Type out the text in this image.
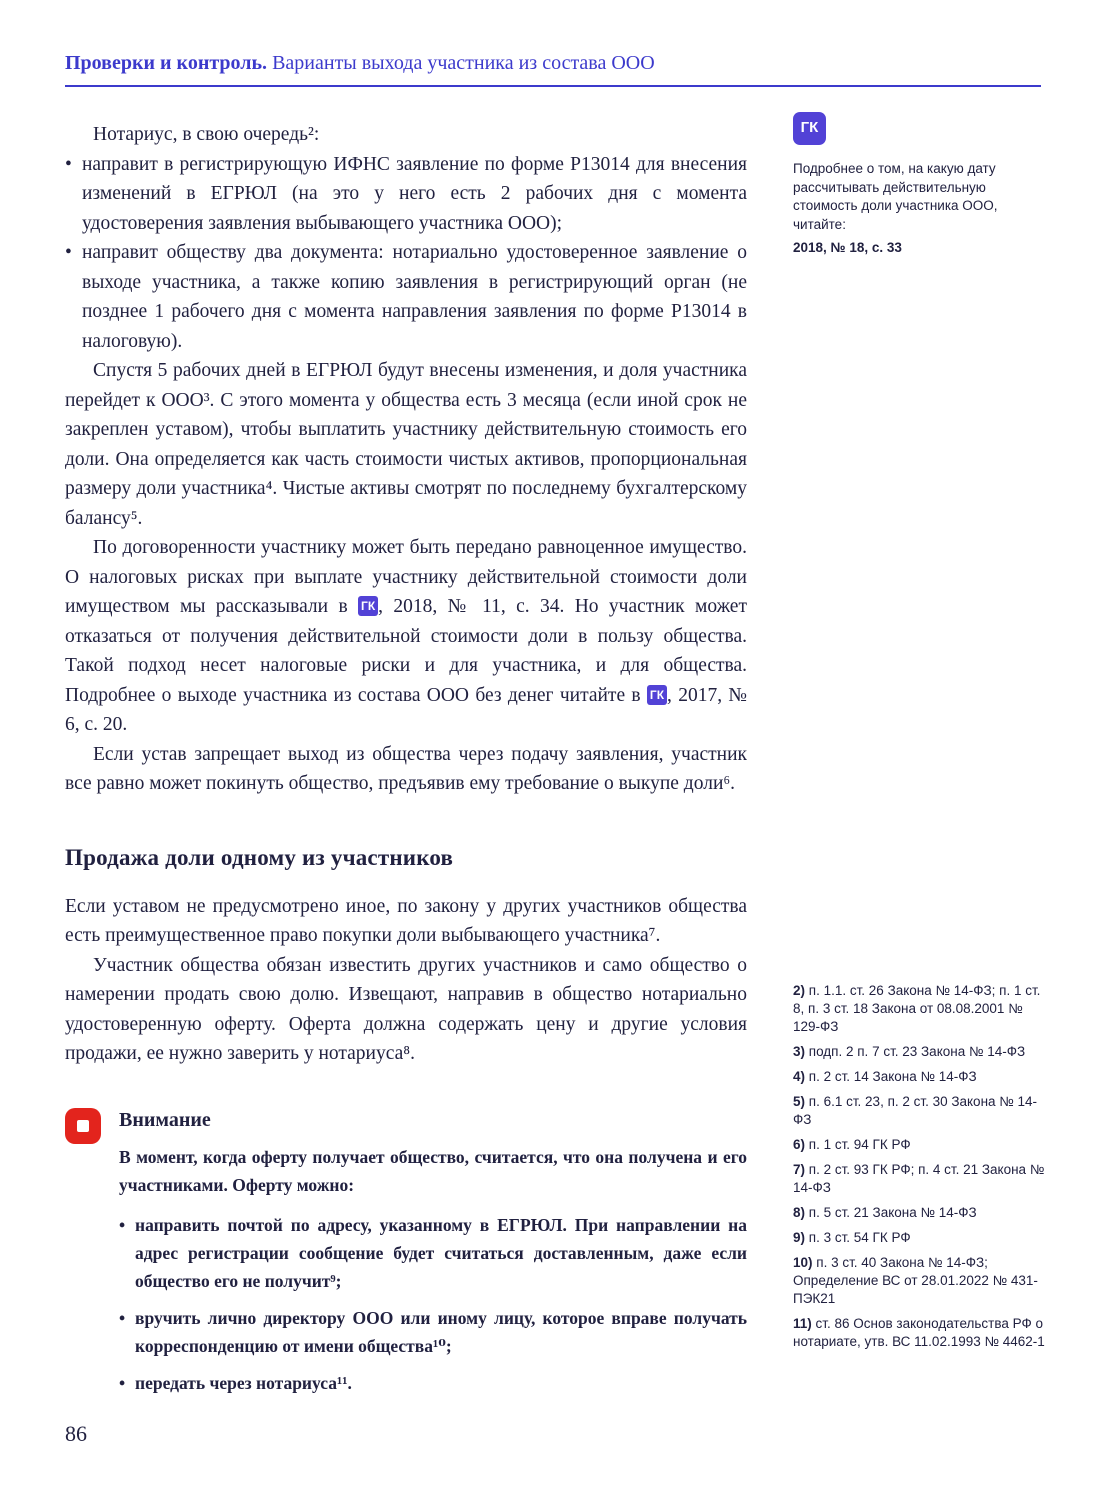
Проверки и контроль. Варианты выхода участника из состава ООО

Нотариус, в свою очередь²:

• направит в регистрирующую ИФНС заявление по форме Р13014 для внесения изменений в ЕГРЮЛ (на это у него есть 2 рабочих дня с момента удостоверения заявления выбывающего участника ООО);
• направит обществу два документа: нотариально удостоверенное заявление о выходе участника, а также копию заявления в регистрирующий орган (не позднее 1 рабочего дня с момента направления заявления по форме Р13014 в налоговую).

Спустя 5 рабочих дней в ЕГРЮЛ будут внесены изменения, и доля участника перейдет к ООО³. С этого момента у общества есть 3 месяца (если иной срок не закреплен уставом), чтобы выплатить участнику действительную стоимость его доли. Она определяется как часть стоимости чистых активов, пропорциональная размеру доли участника⁴. Чистые активы смотрят по последнему бухгалтерскому балансу⁵.

По договоренности участнику может быть передано равноценное имущество. О налоговых рисках при выплате участнику действительной стоимости доли имуществом мы рассказывали в ГК , 2018, № 11, с. 34. Но участник может отказаться от получения действительной стоимости доли в пользу общества. Такой подход несет налоговые риски и для участника, и для общества. Подробнее о выходе участника из состава ООО без денег читайте в ГК , 2017, № 6, с. 20.

Если устав запрещает выход из общества через подачу заявления, участник все равно может покинуть общество, предъявив ему требование о выкупе доли⁶.

Продажа доли одному из участников

Если уставом не предусмотрено иное, по закону у других участников общества есть преимущественное право покупки доли выбывающего участника⁷.

Участник общества обязан известить других участников и само общество о намерении продать свою долю. Извещают, направив в общество нотариально удостоверенную оферту. Оферта должна содержать цену и другие условия продажи, ее нужно заверить у нотариуса⁸.

Внимание

В момент, когда оферту получает общество, считается, что она получена и его участниками. Оферту можно:

• направить почтой по адресу, указанному в ЕГРЮЛ. При направлении на адрес регистрации сообщение будет считаться доставленным, даже если общество его не получит⁹;
• вручить лично директору ООО или иному лицу, которое вправе получать корреспонденцию от имени общества¹⁰;
• передать через нотариуса¹¹.
ГК

Подробнее о том, на какую дату рассчитывать действительную стоимость доли участника ООО, читайте:

2018, № 18, с. 33

2) п. 1.1. ст. 26 Закона № 14-ФЗ; п. 1 ст. 8, п. 3 ст. 18 Закона от 08.08.2001 № 129-ФЗ

3) подп. 2 п. 7 ст. 23 Закона № 14-ФЗ

4) п. 2 ст. 14 Закона № 14-ФЗ

5) п. 6.1 ст. 23, п. 2 ст. 30 Закона № 14-ФЗ

6) п. 1 ст. 94 ГК РФ

7) п. 2 ст. 93 ГК РФ; п. 4 ст. 21 Закона № 14-ФЗ

8) п. 5 ст. 21 Закона № 14-ФЗ

9) п. 3 ст. 54 ГК РФ

10) п. 3 ст. 40 Закона № 14-ФЗ; Определение ВС от 28.01.2022 № 431-ПЭК21

11) ст. 86 Основ законодательства РФ о нотариате, утв. ВС 11.02.1993 № 4462-1

86
